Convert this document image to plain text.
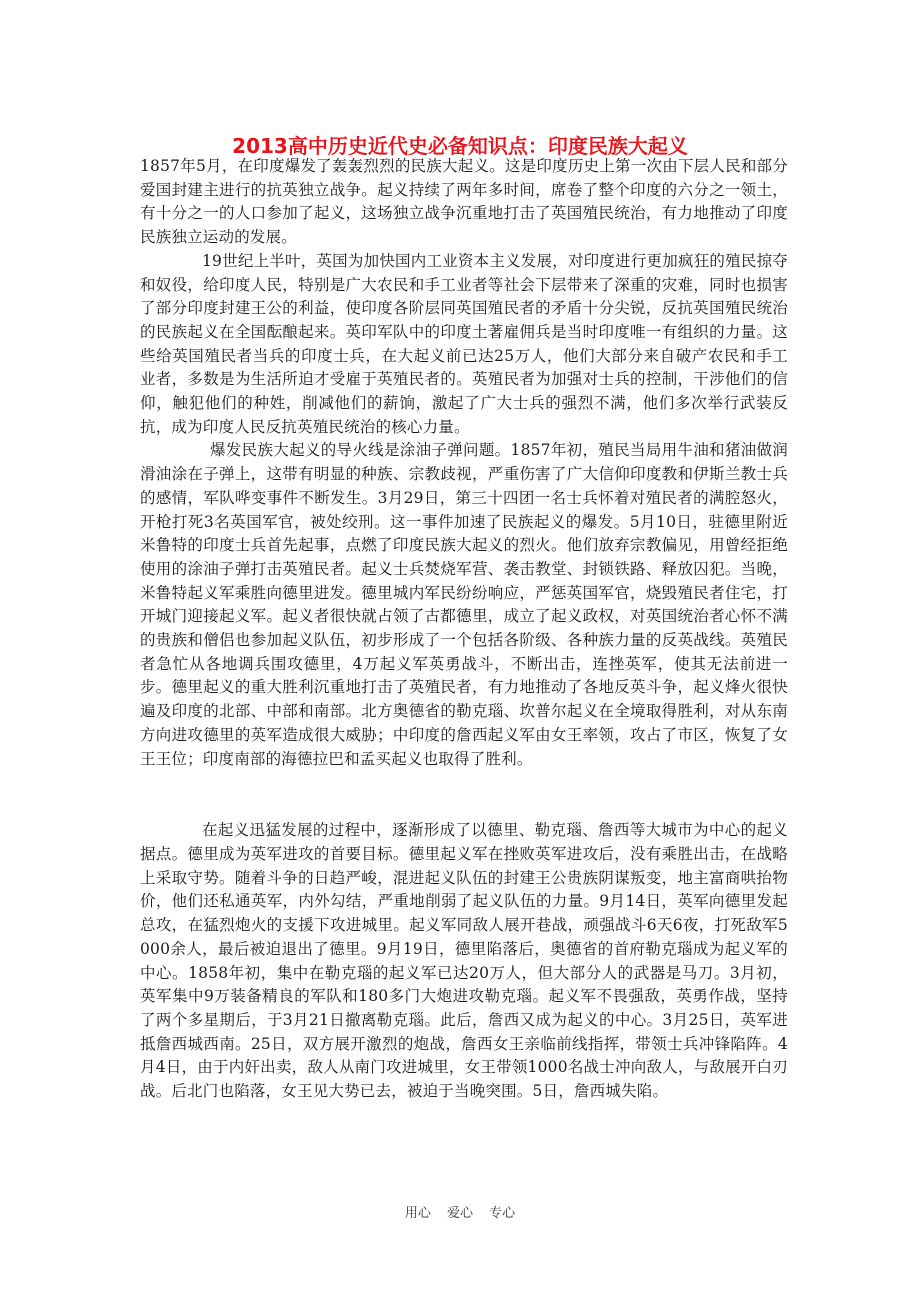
2013高中历史近代史必备知识点：印度民族大起义

1857年5月，在印度爆发了轰轰烈烈的民族大起义。这是印度历史上第一次由下层人民和部分爱国封建主进行的抗英独立战争。起义持续了两年多时间，席卷了整个印度的六分之一领土，有十分之一的人口参加了起义，这场独立战争沉重地打击了英国殖民统治，有力地推动了印度民族独立运动的发展。

19世纪上半叶，英国为加快国内工业资本主义发展，对印度进行更加疯狂的殖民掠夺和奴役，给印度人民，特别是广大农民和手工业者等社会下层带来了深重的灾难，同时也损害了部分印度封建王公的利益，使印度各阶层同英国殖民者的矛盾十分尖锐，反抗英国殖民统治的民族起义在全国酝酿起来。英印军队中的印度土著雇佣兵是当时印度唯一有组织的力量。这些给英国殖民者当兵的印度士兵，在大起义前已达25万人，他们大部分来自破产农民和手工业者，多数是为生活所迫才受雇于英殖民者的。英殖民者为加强对士兵的控制，干涉他们的信仰，触犯他们的种姓，削减他们的薪饷，激起了广大士兵的强烈不满，他们多次举行武装反抗，成为印度人民反抗英殖民统治的核心力量。

爆发民族大起义的导火线是涂油子弹问题。1857年初，殖民当局用牛油和猪油做润滑油涂在子弹上，这带有明显的种族、宗教歧视，严重伤害了广大信仰印度教和伊斯兰教士兵的感情，军队哗变事件不断发生。3月29日，第三十四团一名士兵怀着对殖民者的满腔怒火，开枪打死3名英国军官，被处绞刑。这一事件加速了民族起义的爆发。5月10日，驻德里附近米鲁特的印度士兵首先起事，点燃了印度民族大起义的烈火。他们放弃宗教偏见，用曾经拒绝使用的涂油子弹打击英殖民者。起义士兵焚烧军营、袭击教堂、封锁铁路、释放囚犯。当晚，米鲁特起义军乘胜向德里进发。德里城内军民纷纷响应，严惩英国军官，烧毁殖民者住宅，打开城门迎接起义军。起义者很快就占领了古都德里，成立了起义政权，对英国统治者心怀不满的贵族和僧侣也参加起义队伍，初步形成了一个包括各阶级、各种族力量的反英战线。英殖民者急忙从各地调兵围攻德里，4万起义军英勇战斗，不断出击，连挫英军，使其无法前进一步。德里起义的重大胜利沉重地打击了英殖民者，有力地推动了各地反英斗争，起义烽火很快遍及印度的北部、中部和南部。北方奥德省的勒克瑙、坎普尔起义在全境取得胜利，对从东南方向进攻德里的英军造成很大威胁；中印度的詹西起义军由女王率领，攻占了市区，恢复了女王王位；印度南部的海德拉巴和孟买起义也取得了胜利。

在起义迅猛发展的过程中，逐渐形成了以德里、勒克瑙、詹西等大城市为中心的起义据点。德里成为英军进攻的首要目标。德里起义军在挫败英军进攻后，没有乘胜出击，在战略上采取守势。随着斗争的日趋严峻，混进起义队伍的封建王公贵族阴谋叛变，地主富商哄抬物价，他们还私通英军，内外勾结，严重地削弱了起义队伍的力量。9月14日，英军向德里发起总攻，在猛烈炮火的支援下攻进城里。起义军同敌人展开巷战，顽强战斗6天6夜，打死敌军5000余人，最后被迫退出了德里。9月19日，德里陷落后，奥德省的首府勒克瑙成为起义军的中心。1858年初，集中在勒克瑙的起义军已达20万人，但大部分人的武器是马刀。3月初，英军集中9万装备精良的军队和180多门大炮进攻勒克瑙。起义军不畏强敌，英勇作战，坚持了两个多星期后，于3月21日撤离勒克瑙。此后，詹西又成为起义的中心。3月25日，英军进抵詹西城西南。25日，双方展开激烈的炮战，詹西女王亲临前线指挥，带领士兵冲锋陷阵。4月4日，由于内奸出卖，敌人从南门攻进城里，女王带领1000名战士冲向敌人，与敌展开白刃战。后北门也陷落，女王见大势已去，被迫于当晚突围。5日，詹西城失陷。

用心 爱心 专心
